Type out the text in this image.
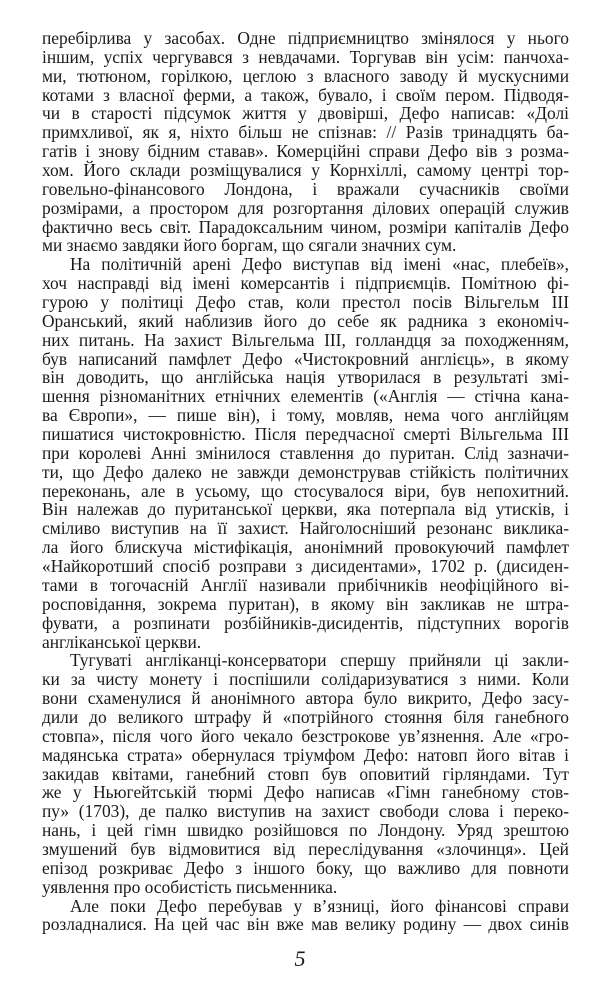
перебірлива у засобах. Одне підприємництво змінялося у нього
іншим, успіх чергувався з невдачами. Торгував він усім: панчоха-
ми, тютюном, горілкою, цеглою з власного заводу й мускусними
котами з власної ферми, а також, бувало, і своїм пером. Підводя-
чи в старості підсумок життя у двовірші, Дефо написав: «Долі
примхливої, як я, ніхто більш не спізнав: // Разів тринадцять ба-
гатів і знову бідним ставав». Комерційні справи Дефо вів з розма-
хом. Його склади розміщувалися у Корнхіллі, самому центрі тор-
говельно-фінансового Лондона, і вражали сучасників своїми
розмірами, а простором для розгортання ділових операцій служив
фактично весь світ. Парадоксальним чином, розміри капіталів Дефо
ми знаємо завдяки його боргам, що сягали значних сум.
На політичній арені Дефо виступав від імені «нас, плебеїв»,
хоч насправді від імені комерсантів і підприємців. Помітною фі-
гурою у політиці Дефо став, коли престол посів Вільгельм III
Оранський, який наблизив його до себе як радника з економіч-
них питань. На захист Вільгельма III, голландця за походженням,
був написаний памфлет Дефо «Чистокровний англієць», в якому
він доводить, що англійська нація утворилася в результаті змі-
шення різноманітних етнічних елементів («Англія — стічна кана-
ва Європи», — пише він), і тому, мовляв, нема чого англійцям
пишатися чистокровністю. Після передчасної смерті Вільгельма III
при королеві Анні змінилося ставлення до пуритан. Слід зазначи-
ти, що Дефо далеко не завжди демонстрував стійкість політичних
переконань, але в усьому, що стосувалося віри, був непохитний.
Він належав до пуританської церкви, яка потерпала від утисків, і
сміливо виступив на її захист. Найголосніший резонанс виклика-
ла його блискуча містифікація, анонімний провокуючий памфлет
«Найкоротший спосіб розправи з дисидентами», 1702 р. (дисиден-
тами в тогочасній Англії називали прибічників неофіційного ві-
росповідання, зокрема пуритан), в якому він закликав не штра-
фувати, а розпинати розбійників-дисидентів, підступних ворогів
англіканської церкви.
Тугуваті англіканці-консерватори спершу прийняли ці закли-
ки за чисту монету і поспішили солідаризуватися з ними. Коли
вони схаменулися й анонімного автора було викрито, Дефо засу-
дили до великого штрафу й «потрійного стояння біля ганебного
стовпа», після чого його чекало безстрокове ув’язнення. Але «гро-
мадянська страта» обернулася тріумфом Дефо: натовп його вітав і
закидав квітами, ганебний стовп був оповитий гірляндами. Тут
же у Ньюгейтській тюрмі Дефо написав «Гімн ганебному стов-
пу» (1703), де палко виступив на захист свободи слова і переко-
нань, і цей гімн швидко розійшовся по Лондону. Уряд зрештою
змушений був відмовитися від переслідування «злочинця». Цей
епізод розкриває Дефо з іншого боку, що важливо для повноти
уявлення про особистість письменника.
Але поки Дефо перебував у в’язниці, його фінансові справи
розладналися. На цей час він вже мав велику родину — двох синів
5
